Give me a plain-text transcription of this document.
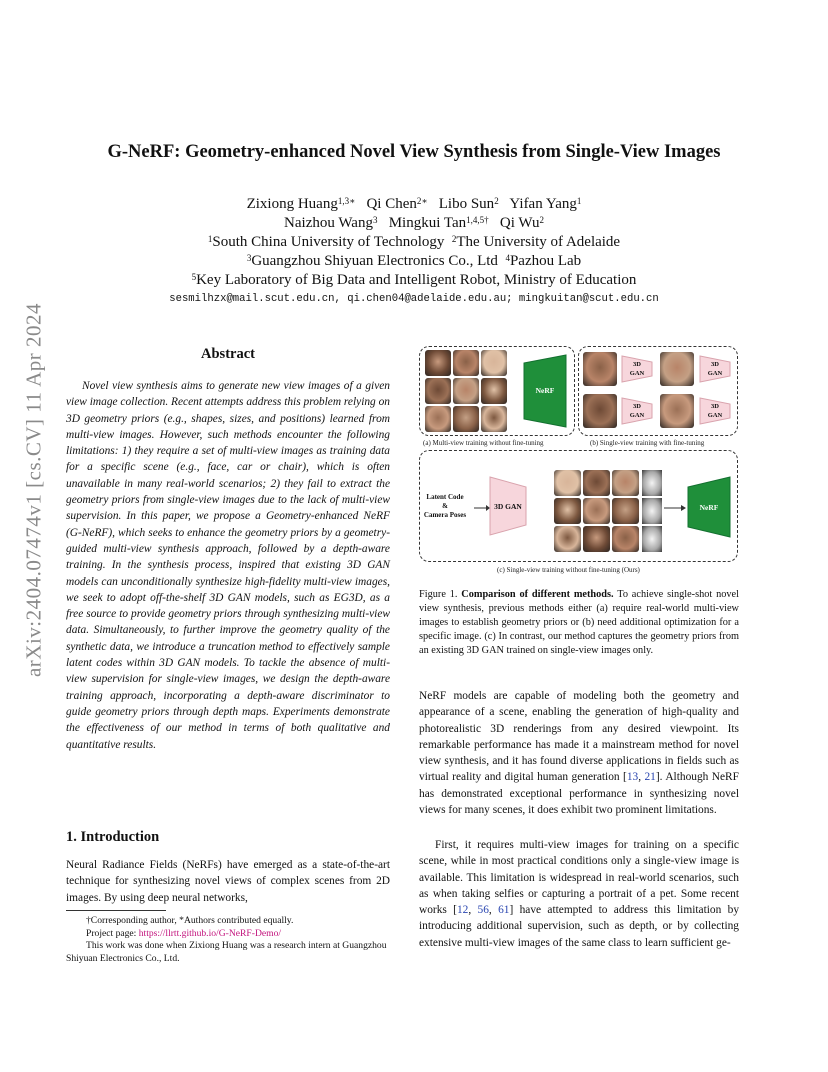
arXiv:2404.07474v1 [cs.CV] 11 Apr 2024
G-NeRF: Geometry-enhanced Novel View Synthesis from Single-View Images
Zixiong Huang$^{1,3∗}$ Qi Chen$^{2∗}$ Libo Sun$^2$ Yifan Yang$^1$
Naizhou Wang$^3$ Mingkui Tan$^{1,4,5\dagger}$ Qi Wu$^2$
$^1$South China University of Technology $^2$The University of Adelaide
$^3$Guangzhou Shiyuan Electronics Co., Ltd $^4$Pazhou Lab
$^5$Key Laboratory of Big Data and Intelligent Robot, Ministry of Education
sesmilhzx@mail.scut.edu.cn, qi.chen04@adelaide.edu.au; mingkuitan@scut.edu.cn
Abstract
Novel view synthesis aims to generate new view images of a given view image collection. Recent attempts address this problem relying on 3D geometry priors (e.g., shapes, sizes, and positions) learned from multi-view images. However, such methods encounter the following limitations: 1) they require a set of multi-view images as training data for a specific scene (e.g., face, car or chair), which is often unavailable in many real-world scenarios; 2) they fail to extract the geometry priors from single-view images due to the lack of multi-view supervision. In this paper, we propose a Geometry-enhanced NeRF (G-NeRF), which seeks to enhance the geometry priors by a geometry-guided multi-view synthesis approach, followed by a depth-aware training. In the synthesis process, inspired that existing 3D GAN models can unconditionally synthesize high-fidelity multi-view images, we seek to adopt off-the-shelf 3D GAN models, such as EG3D, as a free source to provide geometry priors through synthesizing multi-view data. Simultaneously, to further improve the geometry quality of the synthetic data, we introduce a truncation method to effectively sample latent codes within 3D GAN models. To tackle the absence of multi-view supervision for single-view images, we design the depth-aware training approach, incorporating a depth-aware discriminator to guide geometry priors through depth maps. Experiments demonstrate the effectiveness of our method in terms of both qualitative and quantitative results.
1. Introduction
Neural Radiance Fields (NeRFs) have emerged as a state-of-the-art technique for synthesizing novel views of complex scenes from 2D images. By using deep neural networks,
†Corresponding author, *Authors contributed equally.
Project page: https://llrtt.github.io/G-NeRF-Demo/
This work was done when Zixiong Huang was a research intern at Guangzhou Shiyuan Electronics Co., Ltd.
NeRF
(a) Multi-view training without fine-tuning	(b) Single-view training with fine-tuning
Latent Code
&
Camera Poses
3D GAN	NeRF
(c) Single-view training without fine-tuning (Ours)
Figure 1. Comparison of different methods. To achieve single-shot novel view synthesis, previous methods either (a) require real-world multi-view images to establish geometry priors or (b) need additional optimization for a specific image. (c) In contrast, our method captures the geometry priors from an existing 3D GAN trained on single-view images only.
NeRF models are capable of modeling both the geometry and appearance of a scene, enabling the generation of high-quality and photorealistic 3D renderings from any desired viewpoint. Its remarkable performance has made it a mainstream method for novel view synthesis, and it has found diverse applications in fields such as virtual reality and digital human generation [13, 21]. Although NeRF has demonstrated exceptional performance in synthesizing novel views for many scenes, it does exhibit two prominent limitations.
First, it requires multi-view images for training on a specific scene, while in most practical conditions only a single-view image is available. This limitation is widespread in real-world scenarios, such as when taking selfies or capturing a portrait of a pet. Some recent works [12, 56, 61] have attempted to address this limitation by introducing additional supervision, such as depth, or by collecting extensive multi-view images of the same class to learn sufficient ge-
3D
GAN
3D
GAN
3D
GAN
3D
GAN
